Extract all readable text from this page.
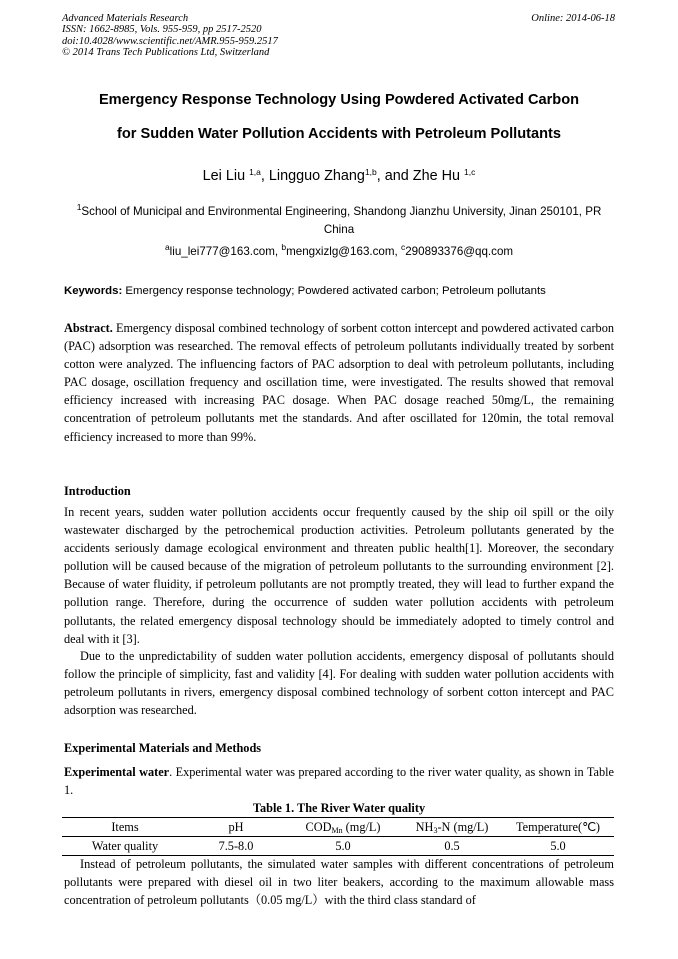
Advanced Materials Research
ISSN: 1662-8985, Vols. 955-959, pp 2517-2520
doi:10.4028/www.scientific.net/AMR.955-959.2517
© 2014 Trans Tech Publications Ltd, Switzerland
Online: 2014-06-18
Emergency Response Technology Using Powdered Activated Carbon
for Sudden Water Pollution Accidents with Petroleum Pollutants
Lei Liu $^{1,a}$, Lingguo Zhang$^{1,b}$, and Zhe Hu $^{1,c}$
$^1$School of Municipal and Environmental Engineering, Shandong Jianzhu University, Jinan 250101, PR China
$^a$liu_lei777@163.com, $^b$mengxizlg@163.com, $^c$290893376@qq.com
Keywords: Emergency response technology; Powdered activated carbon; Petroleum pollutants
Abstract. Emergency disposal combined technology of sorbent cotton intercept and powdered activated carbon (PAC) adsorption was researched. The removal effects of petroleum pollutants individually treated by sorbent cotton were analyzed. The influencing factors of PAC adsorption to deal with petroleum pollutants, including PAC dosage, oscillation frequency and oscillation time, were investigated. The results showed that removal efficiency increased with increasing PAC dosage. When PAC dosage reached 50mg/L, the remaining concentration of petroleum pollutants met the standards. And after oscillated for 120min, the total removal efficiency increased to more than 99%.
Introduction
In recent years, sudden water pollution accidents occur frequently caused by the ship oil spill or the oily wastewater discharged by the petrochemical production activities. Petroleum pollutants generated by the accidents seriously damage ecological environment and threaten public health[1]. Moreover, the secondary pollution will be caused because of the migration of petroleum pollutants to the surrounding environment [2]. Because of water fluidity, if petroleum pollutants are not promptly treated, they will lead to further expand the pollution range. Therefore, during the occurrence of sudden water pollution accidents with petroleum pollutants, the related emergency disposal technology should be immediately adopted to timely control and deal with it [3].
Due to the unpredictability of sudden water pollution accidents, emergency disposal of pollutants should follow the principle of simplicity, fast and validity [4]. For dealing with sudden water pollution accidents with petroleum pollutants in rivers, emergency disposal combined technology of sorbent cotton intercept and PAC adsorption was researched.
Experimental Materials and Methods
Experimental water. Experimental water was prepared according to the river water quality, as shown in Table 1.
Table 1. The River Water quality
Items	pH	$COD_{Mn}$ (mg/L)	$NH_3-N$ (mg/L)	Temperature(℃)
Water quality	7.5-8.0	5.0	0.5	5.0
Instead of petroleum pollutants, the simulated water samples with different concentrations of petroleum pollutants were prepared with diesel oil in two liter beakers, according to the maximum allowable mass concentration of petroleum pollutants（0.05 mg/L）with the third class standard of
